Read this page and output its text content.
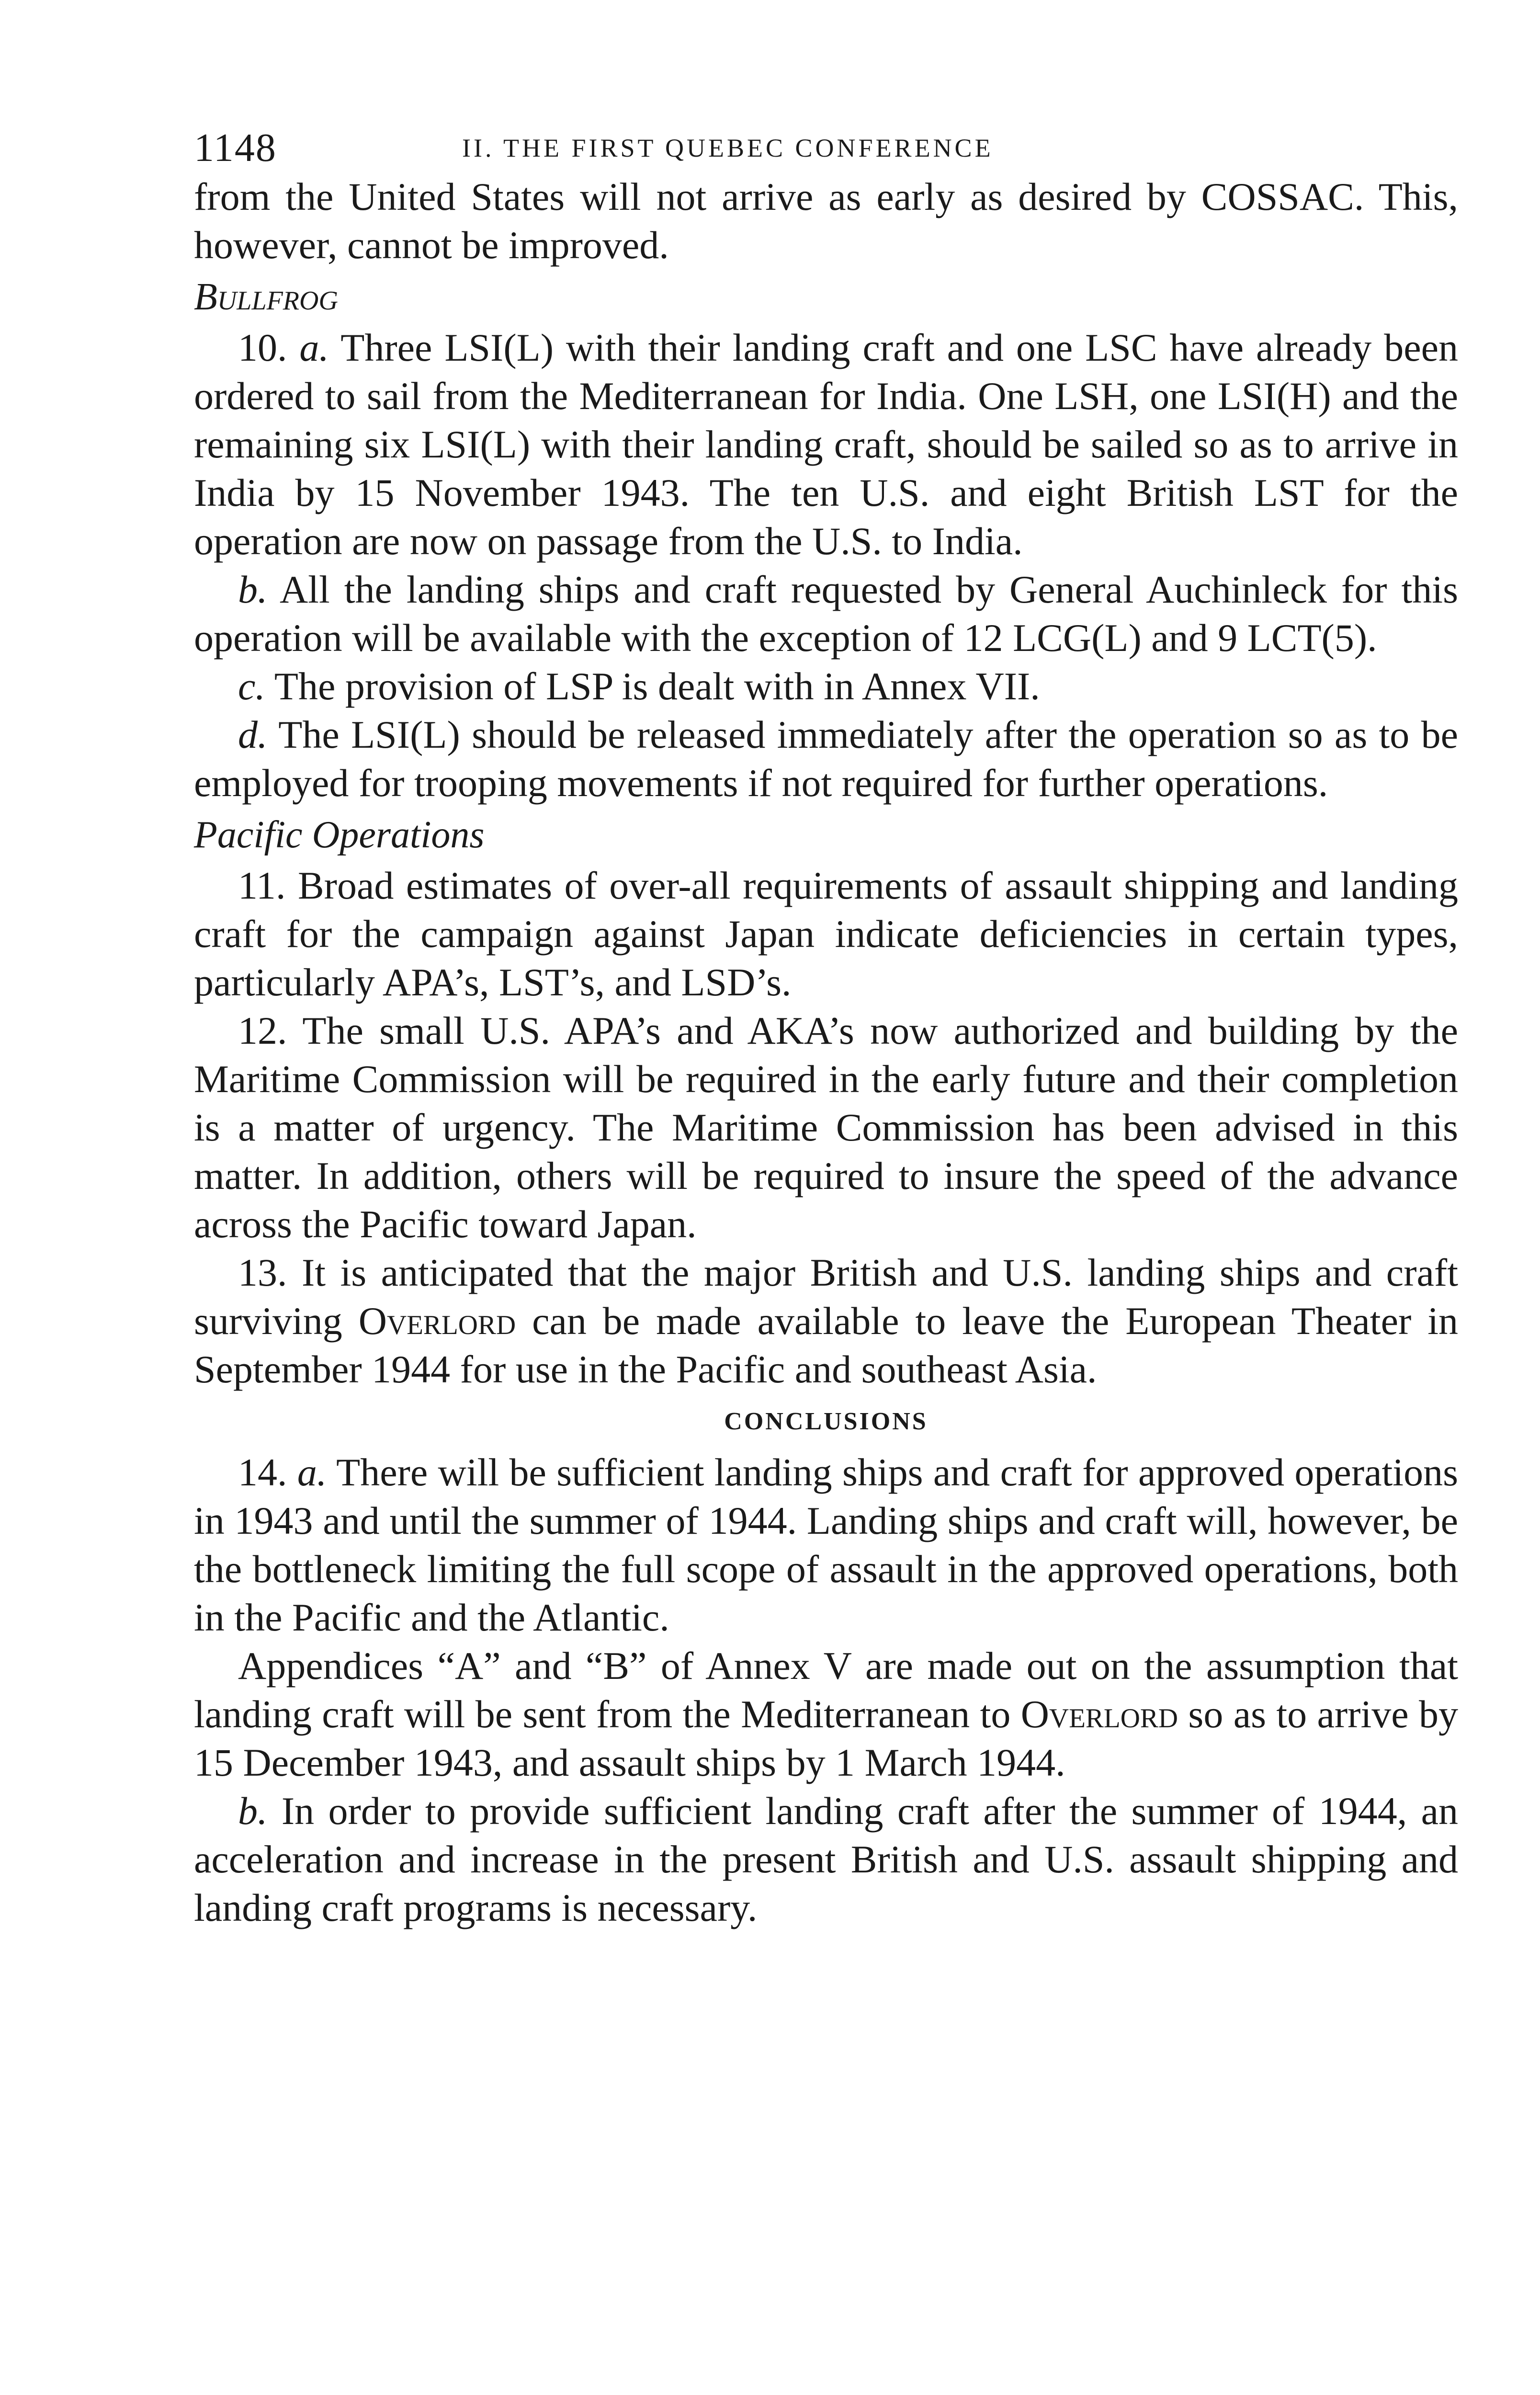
1148	II. THE FIRST QUEBEC CONFERENCE

from the United States will not arrive as early as desired by COSSAC. This, however, cannot be improved.

Bullfrog

10. a. Three LSI(L) with their landing craft and one LSC have already been ordered to sail from the Mediterranean for India. One LSH, one LSI(H) and the remaining six LSI(L) with their landing craft, should be sailed so as to arrive in India by 15 November 1943. The ten U.S. and eight British LST for the operation are now on passage from the U.S. to India.

b. All the landing ships and craft requested by General Auchinleck for this operation will be available with the exception of 12 LCG(L) and 9 LCT(5).

c. The provision of LSP is dealt with in Annex VII.

d. The LSI(L) should be released immediately after the operation so as to be employed for trooping movements if not required for further operations.

Pacific Operations

11. Broad estimates of over-all requirements of assault shipping and landing craft for the campaign against Japan indicate deficiencies in certain types, particularly APA’s, LST’s, and LSD’s.

12. The small U.S. APA’s and AKA’s now authorized and building by the Maritime Commission will be required in the early future and their completion is a matter of urgency. The Maritime Commission has been advised in this matter. In addition, others will be required to insure the speed of the advance across the Pacific toward Japan.

13. It is anticipated that the major British and U.S. landing ships and craft surviving Overlord can be made available to leave the European Theater in September 1944 for use in the Pacific and southeast Asia.

CONCLUSIONS

14. a. There will be sufficient landing ships and craft for approved operations in 1943 and until the summer of 1944. Landing ships and craft will, however, be the bottleneck limiting the full scope of assault in the approved operations, both in the Pacific and the Atlantic.

Appendices “A” and “B” of Annex V are made out on the assumption that landing craft will be sent from the Mediterranean to Overlord so as to arrive by 15 December 1943, and assault ships by 1 March 1944.

b. In order to provide sufficient landing craft after the summer of 1944, an acceleration and increase in the present British and U.S. assault shipping and landing craft programs is necessary.
